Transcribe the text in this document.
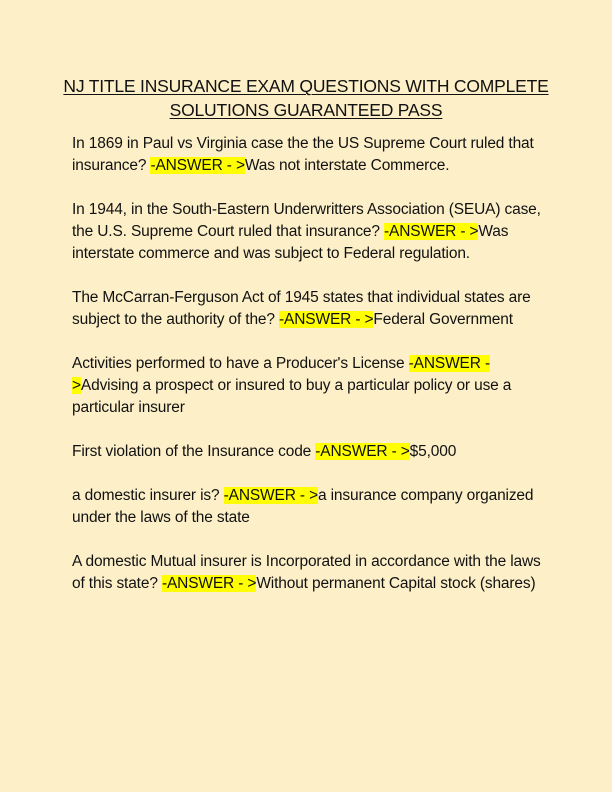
NJ TITLE INSURANCE EXAM QUESTIONS WITH COMPLETE
SOLUTIONS GUARANTEED PASS

In 1869 in Paul vs Virginia case the the US Supreme Court ruled that insurance? -ANSWER - >Was not interstate Commerce.

In 1944, in the South-Eastern Underwritters Association (SEUA) case, the U.S. Supreme Court ruled that insurance? -ANSWER - >Was interstate commerce and was subject to Federal regulation.

The McCarran-Ferguson Act of 1945 states that individual states are subject to the authority of the? -ANSWER - >Federal Government

Activities performed to have a Producer's License -ANSWER - >Advising a prospect or insured to buy a particular policy or use a particular insurer

First violation of the Insurance code -ANSWER - >$5,000

a domestic insurer is? -ANSWER - >a insurance company organized under the laws of the state

A domestic Mutual insurer is Incorporated in accordance with the laws of this state? -ANSWER - >Without permanent Capital stock (shares)
